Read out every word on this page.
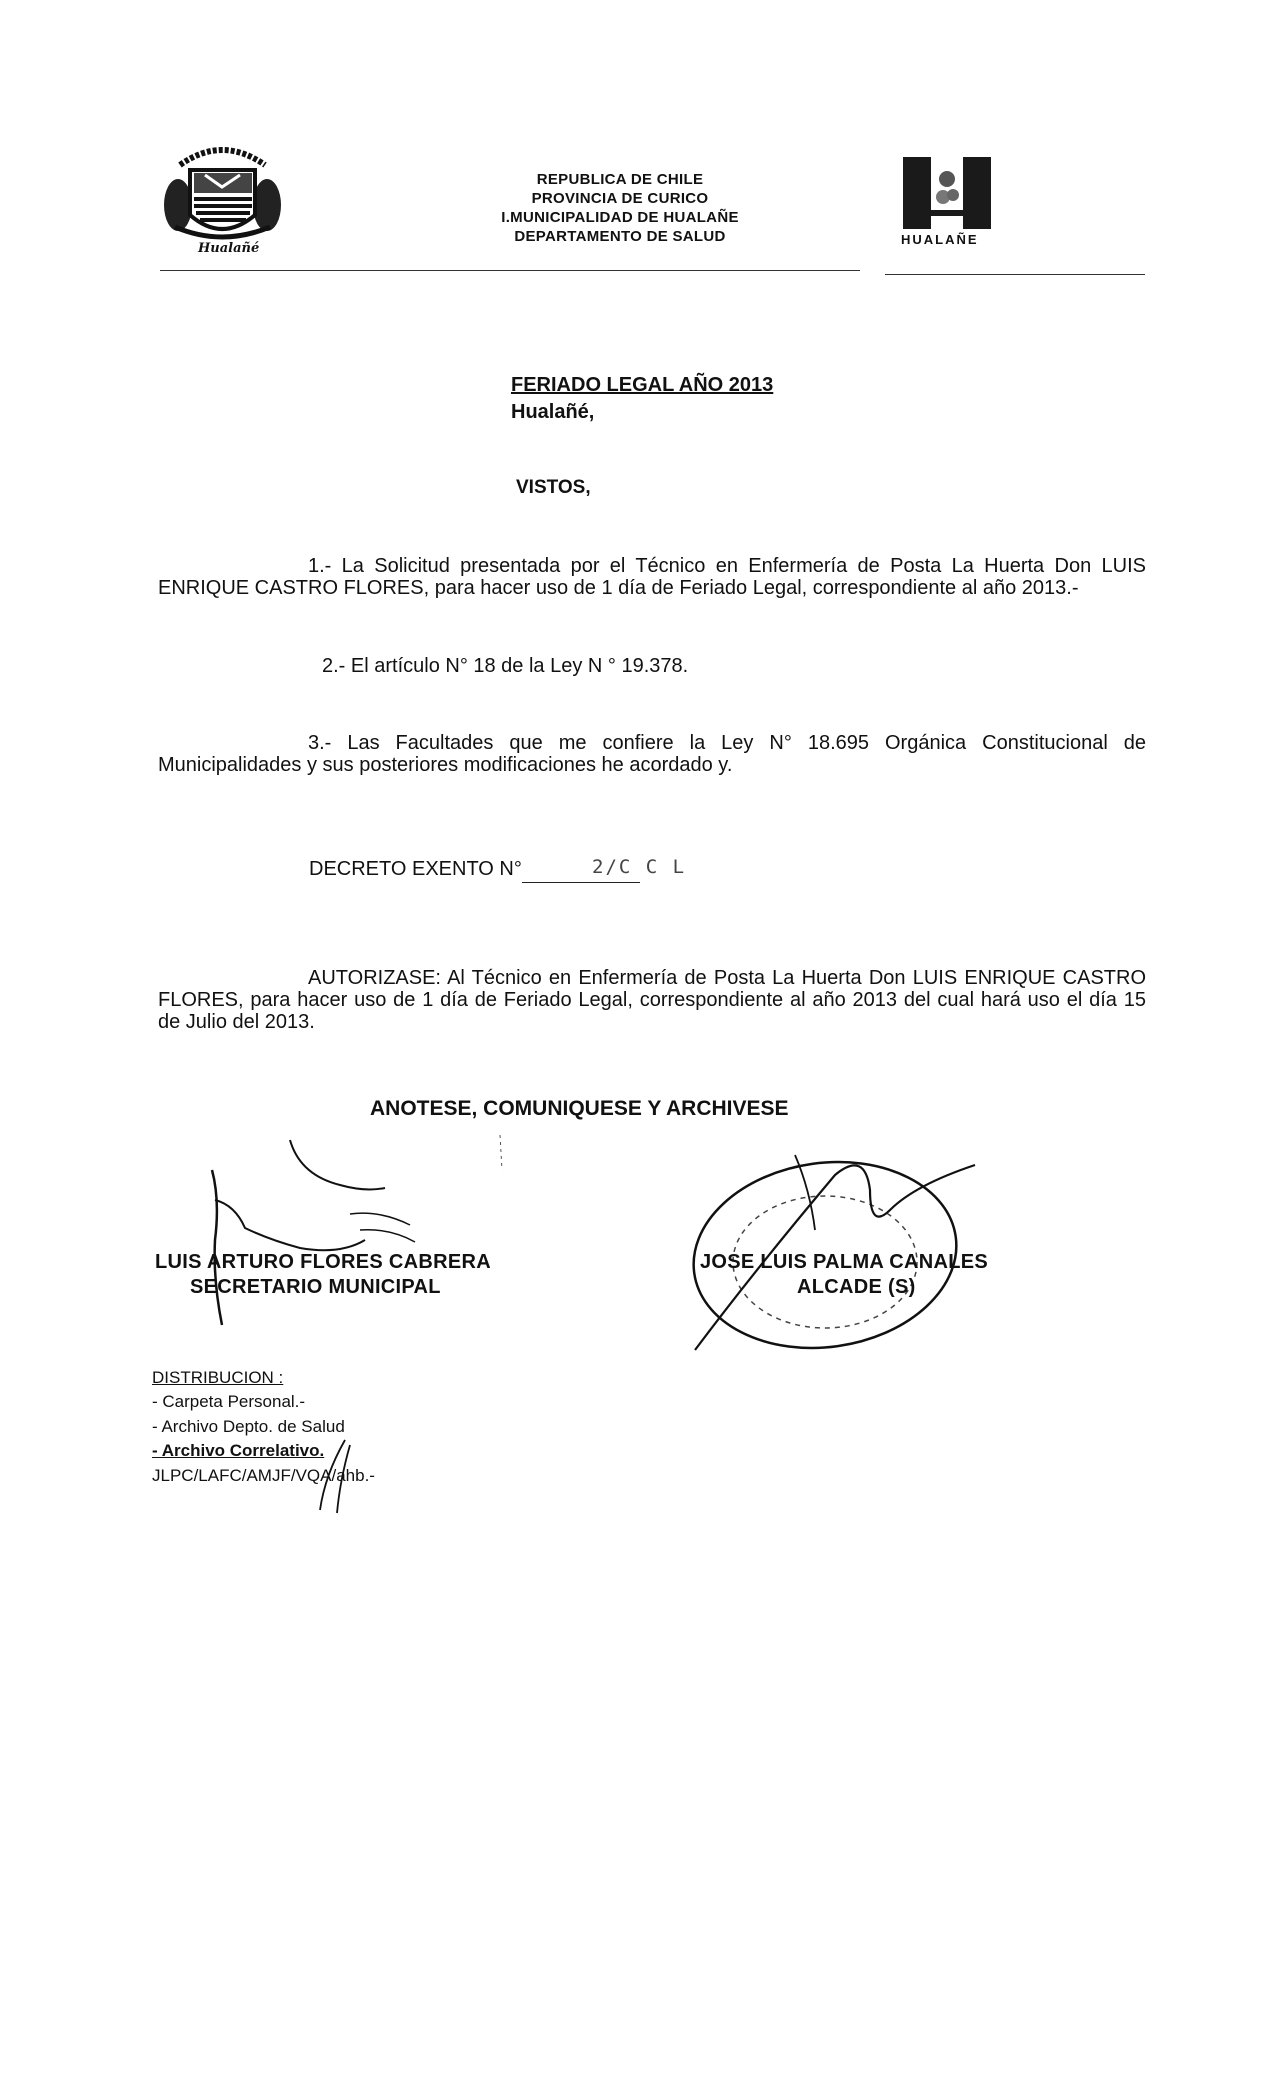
Hualañé
REPUBLICA DE CHILE
PROVINCIA DE CURICO
I.MUNICIPALIDAD DE HUALAÑE
DEPARTAMENTO DE SALUD	HUALAÑE
FERIADO LEGAL AÑO 2013
Hualañé,
VISTOS,
1.- La Solicitud presentada por el Técnico en Enfermería de Posta La Huerta Don LUIS ENRIQUE CASTRO FLORES, para hacer uso de 1 día de Feriado Legal, correspondiente al año 2013.-
2.- El artículo N° 18 de la Ley N ° 19.378.
3.- Las Facultades que me confiere la Ley N° 18.695 Orgánica Constitucional de Municipalidades y sus posteriores modificaciones he acordado y.
DECRETO EXENTO N°	2/C C L
AUTORIZASE: Al Técnico en Enfermería de Posta La Huerta Don LUIS ENRIQUE CASTRO FLORES, para hacer uso de 1 día de Feriado Legal, correspondiente al año 2013 del cual hará uso el día 15 de Julio del 2013.
ANOTESE, COMUNIQUESE Y ARCHIVESE
LUIS ARTURO FLORES CABRERA
SECRETARIO MUNICIPAL
JOSE LUIS PALMA CANALES
ALCADE (S)
DISTRIBUCION :
- Carpeta Personal.-
- Archivo Depto. de Salud
- Archivo Correlativo.
JLPC/LAFC/AMJF/VQA/ahb.-
